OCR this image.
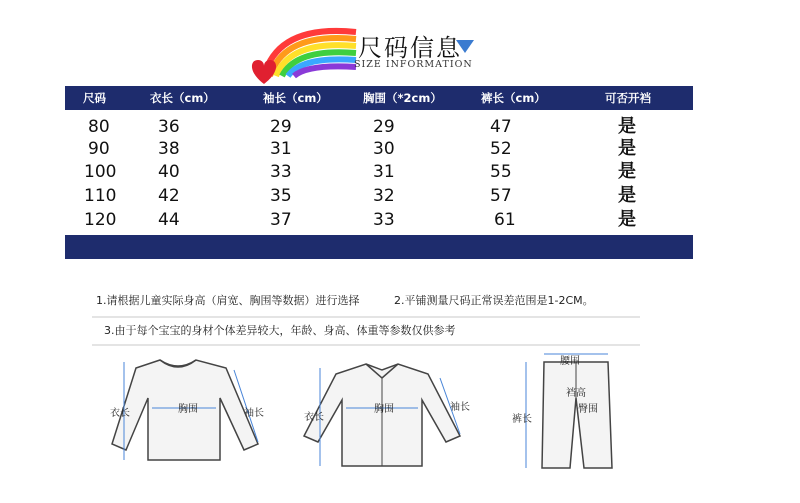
尺码信息
SIZE INFORMATION
尺码	衣长（cm）	袖长（cm）	胸围（*2cm）	裤长（cm）	可否开裆
80	36	29	29	47	是
90	38	31	30	52	是
100 40	33	31	55	是
110 42	35	32	57	是
120 44	37	33	61	是
1.请根据儿童实际身高（肩宽、胸围等数据）进行选择	2.平铺测量尺码正常误差范围是1-2CM。
3.由于每个宝宝的身材个体差异较大，年龄、身高、体重等参数仅供参考
衣长	胸围	袖长	衣长
胸围	袖长
腰围
裆高
臀围
裤长
